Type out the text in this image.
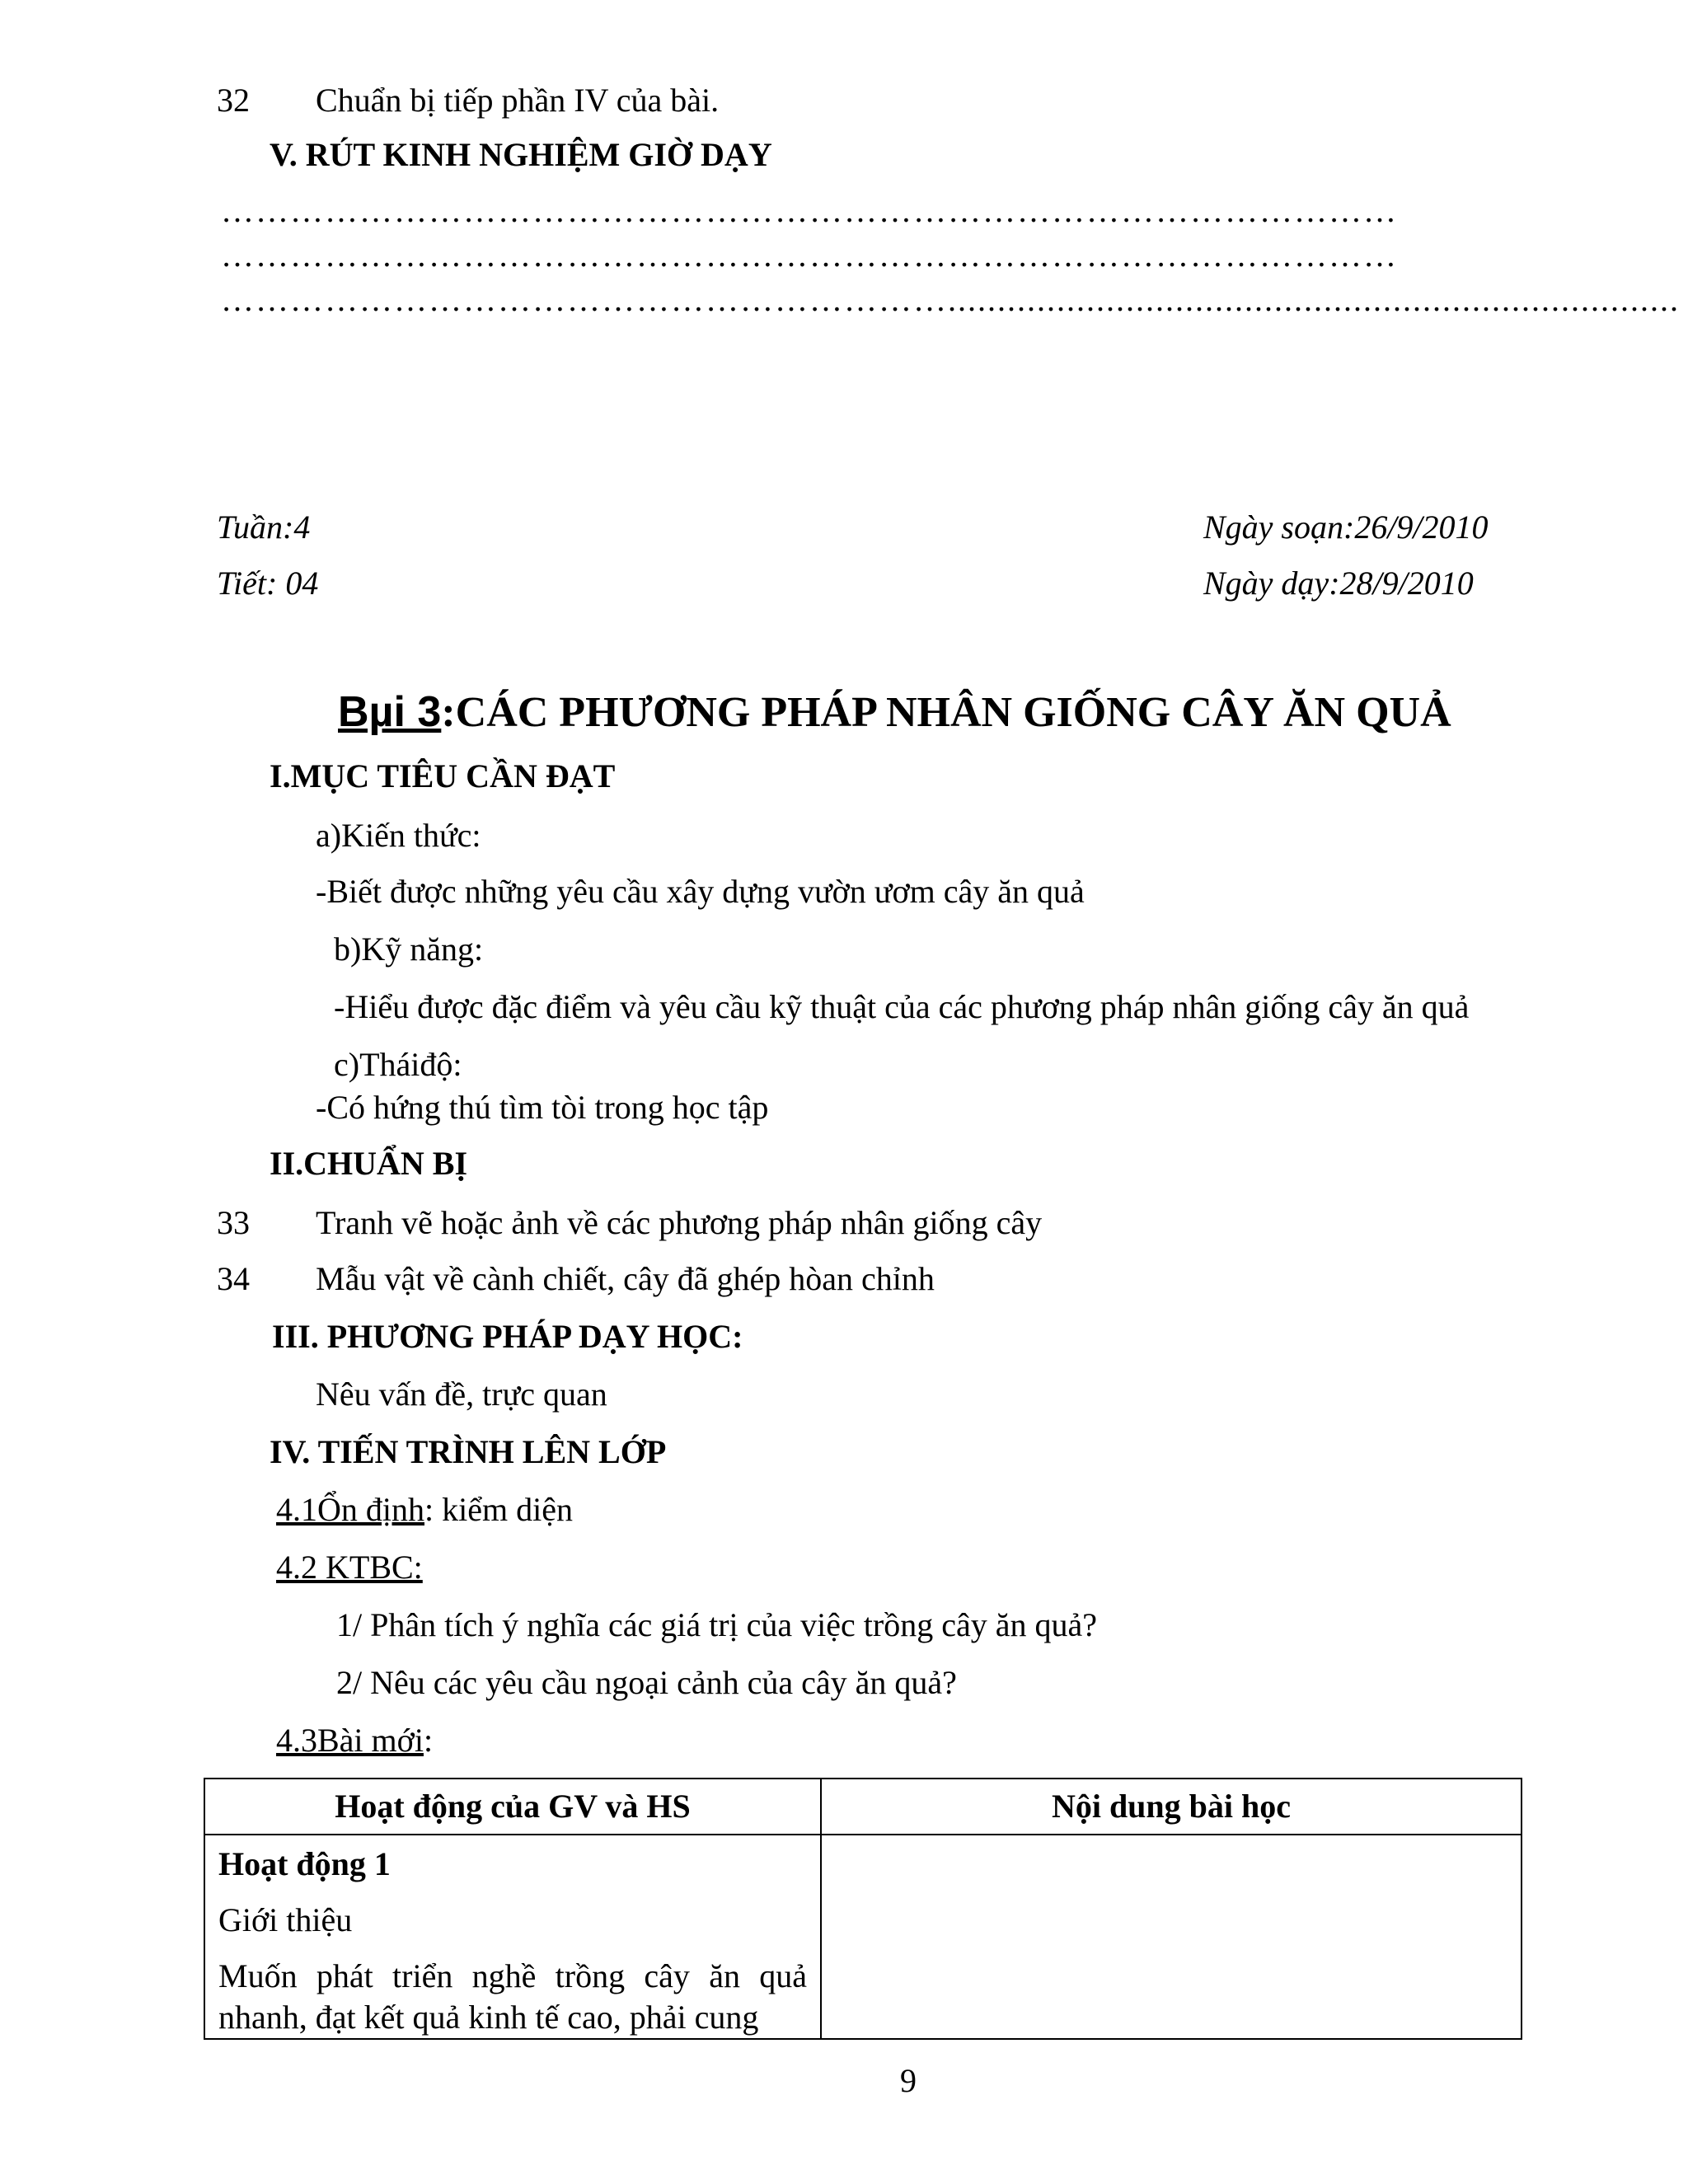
32 Chuẩn bị tiếp phần IV của bài.
V. RÚT KINH NGHIỆM GIỜ DẠY
…………………………………………………………………………………………
…………………………………………………………………………………………
………………………………………………………..........................................................................
Tuần:4
Tiết: 04
Ngày soạn:26/9/2010
Ngày dạy:28/9/2010
Bµi 3:CÁC PHƯƠNG PHÁP NHÂN GIỐNG CÂY ĂN QUẢ
I.MỤC TIÊU CẦN ĐẠT
a)Kiến thức:
-Biết được những yêu cầu xây dựng vườn ươm cây ăn quả
b)Kỹ năng:
-Hiểu được đặc điểm và yêu cầu kỹ thuật của các phương pháp nhân giống cây ăn quả
c)Tháiđộ:
-Có hứng thú tìm tòi trong học tập
II.CHUẨN BỊ
33 Tranh vẽ hoặc ảnh về các phương pháp nhân giống cây
34 Mẫu vật về cành chiết, cây đã ghép hòan chỉnh
III. PHƯƠNG PHÁP DẠY HỌC:
Nêu vấn đề, trực quan
IV. TIẾN TRÌNH LÊN LỚP
4.1Ổn định: kiểm diện
4.2 KTBC:
1/ Phân tích ý nghĩa các giá trị của việc trồng cây ăn quả?
2/ Nêu các yêu cầu ngoại cảnh của cây ăn quả?
4.3Bài mới:
Hoạt động của GV và HS	Nội dung bài học

Hoạt động 1
Giới thiệu
Muốn phát triển nghề trồng cây ăn quả nhanh, đạt kết quả kinh tế cao, phải cung	

9
